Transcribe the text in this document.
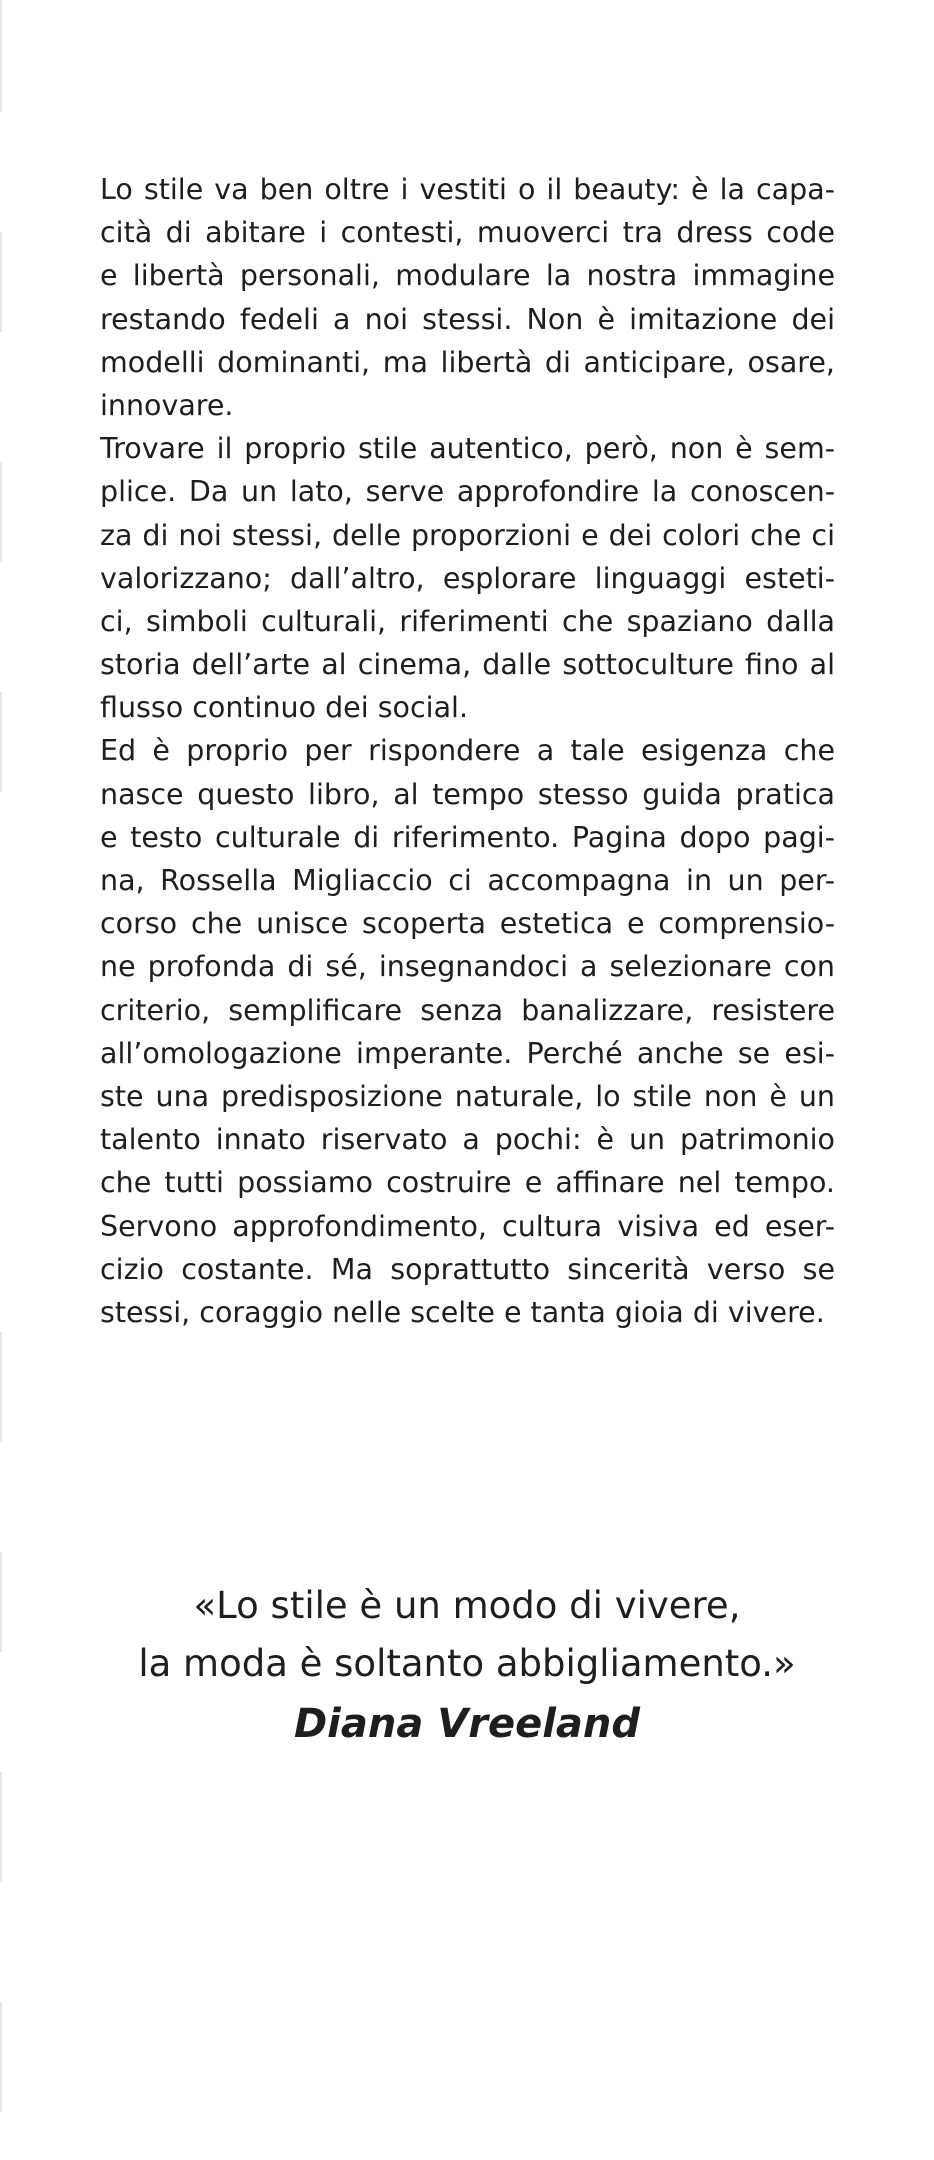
Lo stile va ben oltre i vestiti o il beauty: è la capa-
cità di abitare i contesti, muoverci tra dress code
e libertà personali, modulare la nostra immagine
restando fedeli a noi stessi. Non è imitazione dei
modelli dominanti, ma libertà di anticipare, osare,
innovare.
Trovare il proprio stile autentico, però, non è sem-
plice. Da un lato, serve approfondire la conoscen-
za di noi stessi, delle proporzioni e dei colori che ci
valorizzano; dall’altro, esplorare linguaggi esteti-
ci, simboli culturali, riferimenti che spaziano dalla
storia dell’arte al cinema, dalle sottoculture fino al
flusso continuo dei social.
Ed è proprio per rispondere a tale esigenza che
nasce questo libro, al tempo stesso guida pratica
e testo culturale di riferimento. Pagina dopo pagi-
na, Rossella Migliaccio ci accompagna in un per-
corso che unisce scoperta estetica e comprensio-
ne profonda di sé, insegnandoci a selezionare con
criterio, semplificare senza banalizzare, resistere
all’omologazione imperante. Perché anche se esi-
ste una predisposizione naturale, lo stile non è un
talento innato riservato a pochi: è un patrimonio
che tutti possiamo costruire e affinare nel tempo.
Servono approfondimento, cultura visiva ed eser-
cizio costante. Ma soprattutto sincerità verso se
stessi, coraggio nelle scelte e tanta gioia di vivere.
«Lo stile è un modo di vivere,
la moda è soltanto abbigliamento.»
Diana Vreeland
